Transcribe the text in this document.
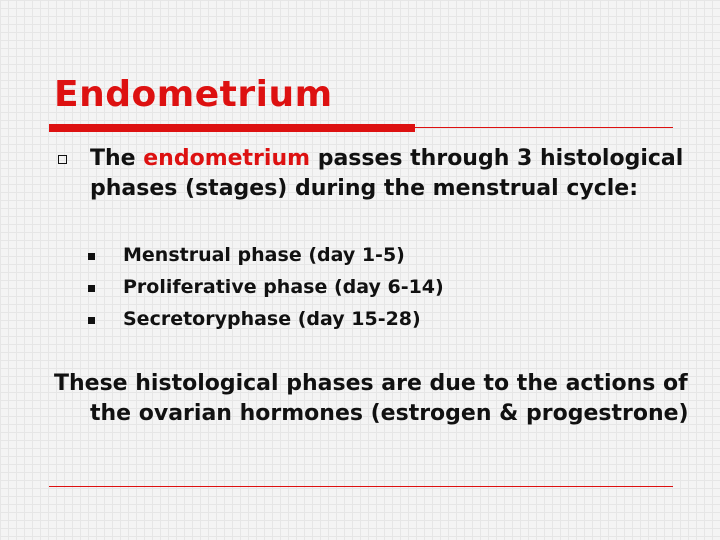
Endometrium
The endometrium passes through 3 histological phases (stages) during the menstrual cycle:
Menstrual phase (day 1-5)
Proliferative phase (day 6-14)
Secretoryphase (day 15-28)
These histological phases are due to the actions of the ovarian hormones (estrogen & progestrone)
